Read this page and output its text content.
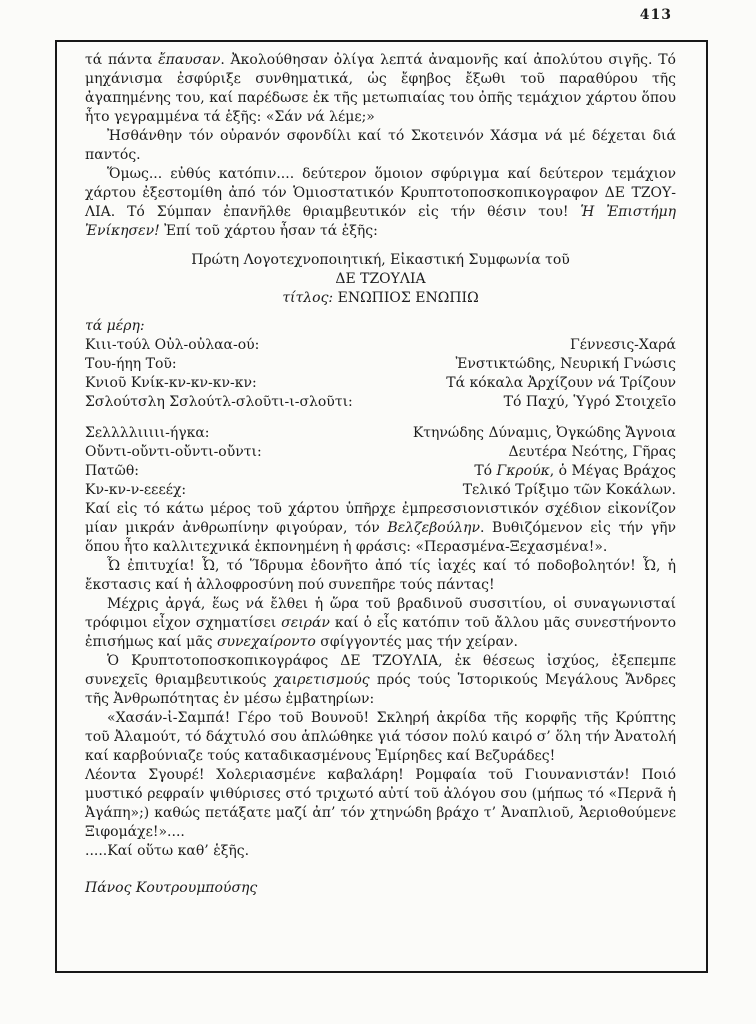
413

τά πάντα ἔπαυσαν. Ἀκολούθησαν ὀλίγα λεπτά ἀναμονῆς καί ἀπολύτου σιγῆς. Τό μηχάνισμα ἐσφύριξε συνθηματικά, ὡς ἔφηβος ἔξωθι τοῦ παραθύρου τῆς ἀγαπημένης του, καί παρέδωσε ἐκ τῆς μετωπιαίας του ὀπῆς τεμάχιον χάρτου ὅπου ἦτο γεγραμμένα τά ἑξῆς: «Σάν νά λέμε;»

Ἠσθάνθην τόν οὐρανόν σφονδίλι καί τό Σκοτεινόν Χάσμα νά μέ δέχεται διά παντός.

Ὅμως... εὐθύς κατόπιν.... δεύτερον ὅμοιον σφύριγμα καί δεύτερον τεμάχιον χάρτου ἐξεστομίθη ἀπό τόν Ὁμιοστατικόν Κρυπτοτοποσκοπικογραφον ΔΕ ΤΖΟΥ-ΛΙΑ. Τό Σύμπαν ἐπανῆλθε θριαμβευτικόν εἰς τήν θέσιν του! Ἡ Ἐπιστήμη Ἐνίκησεν! Ἐπί τοῦ χάρτου ἦσαν τά ἑξῆς:

Πρώτη Λογοτεχνοποιητική, Εἰκαστική Συμφωνία τοῦ
ΔΕ ΤΖΟΥΛΙΑ
τίτλος: ΕΝΩΠΙΟΣ ΕΝΩΠΙΩ
τά μέρη:
Κιιι-τούλ Οὐλ-οὐλαα-ού:	Γέννεσις-Χαρά
Του-ήηη Τοῦ:	Ἐνστικτώδης, Νευρική Γνώσις
Κνιοῦ Κνίκ-κν-κν-κν-κν:	Τά κόκαλα Ἀρχίζουν νά Τρίζουν
Σσλούτσλη Σσλούτλ-σλοῦτι-ι-σλοῦτι:	Τό Παχύ, Ὑγρό Στοιχεῖο
Σελλλλιιιιι-ήγκα:	Κτηνώδης Δύναμις, Ὀγκώδης Ἄγνοια
Οὔντι-οὔντι-οὔντι-οὔντι:	Δευτέρα Νεότης, Γῆρας
Πατῶθ:	Τό Γκρούκ, ὁ Μέγας Βράχος
Κν-κν-ν-εεεέχ:	Τελικό Τρίξιμο τῶν Κοκάλων.

Καί εἰς τό κάτω μέρος τοῦ χάρτου ὑπῆρχε ἐμπρεσσιονιστικόν σχέδιον εἰκονίζον μίαν μικράν ἀνθρωπίνην φιγούραν, τόν Βελζεβούλην. Βυθιζόμενον εἰς τήν γῆν ὅπου ἦτο καλλιτεχνικά ἐκπονημένη ἡ φράσις: «Περασμένα-Ξεχασμένα!».

Ὦ ἐπιτυχία! Ὦ, τό Ἵδρυμα ἐδονῆτο ἀπό τίς ἰαχές καί τό ποδοβολητόν! Ὦ, ἡ ἔκστασις καί ἡ ἀλλοφροσύνη πού συνεπῆρε τούς πάντας!

Μέχρις ἀργά, ἕως νά ἔλθει ἡ ὥρα τοῦ βραδινοῦ συσσιτίου, οἱ συναγωνισταί τρόφιμοι εἶχον σχηματίσει σειράν καί ὁ εἷς κατόπιν τοῦ ἄλλου μᾶς συνεστήνοντο ἐπισήμως καί μᾶς συνεχαίροντο σφίγγοντές μας τήν χείραν.

Ὁ Κρυπτοτοποσκοπικογράφος ΔΕ ΤΖΟΥΛΙΑ, ἐκ θέσεως ἰσχύος, ἐξεπεμπε συνεχεῖς θριαμβευτικούς χαιρετισμούς πρός τούς Ἱστορικούς Μεγάλους Ἄνδρες τῆς Ἀνθρωπότητας ἐν μέσω ἐμβατηρίων:

«Χασάν-ἰ-Σαμπά! Γέρο τοῦ Βουνοῦ! Σκληρή ἀκρίδα τῆς κορφῆς τῆς Κρύπτης τοῦ Ἀλαμούτ, τό δάχτυλό σου ἁπλώθηκε γιά τόσον πολύ καιρό σ’ ὅλη τήν Ἀνατολή καί καρβούνιαζε τούς καταδικασμένους Ἐμίρηδες καί Βεζυράδες!

Λέοντα Σγουρέ! Χολεριασμένε καβαλάρη! Ρομφαία τοῦ Γιουνανιστάν! Ποιό μυστικό ρεφραίν ψιθύρισες στό τριχωτό αὐτί τοῦ ἀλόγου σου (μήπως τό «Περνᾶ ἡ Ἀγάπη»;) καθώς πετάξατε μαζί ἀπ’ τόν χτηνώδη βράχο τ’ Ἀναπλιοῦ, Ἀεριοθούμενε Ξιφομάχε!»....

.....Καί οὕτω καθ’ ἑξῆς.

Πάνος Κουτρουμπούσης
